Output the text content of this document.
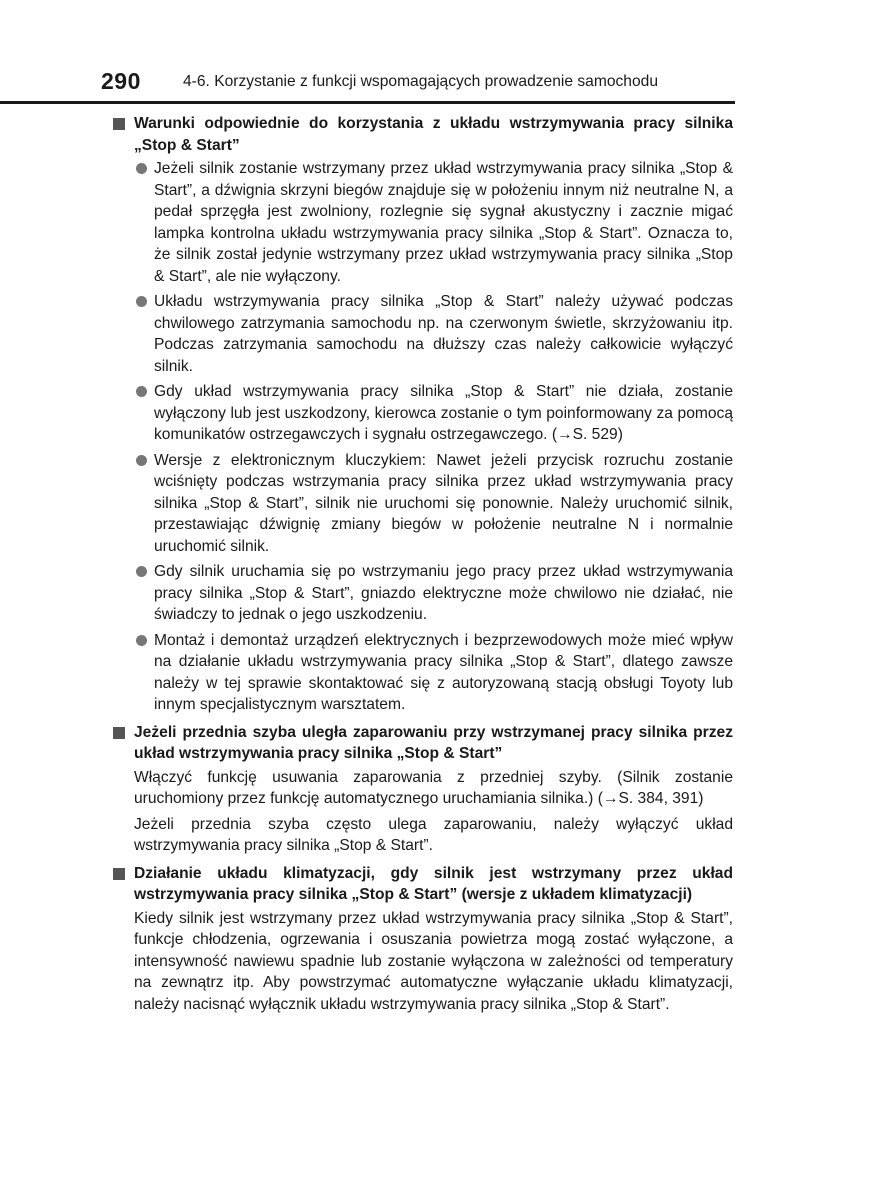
290	4-6. Korzystanie z funkcji wspomagających prowadzenie samochodu
Warunki odpowiednie do korzystania z układu wstrzymywania pracy silnika „Stop & Start”
Jeżeli silnik zostanie wstrzymany przez układ wstrzymywania pracy silnika „Stop & Start”, a dźwignia skrzyni biegów znajduje się w położeniu innym niż neutralne N, a pedał sprzęgła jest zwolniony, rozlegnie się sygnał akustyczny i zacznie migać lampka kontrolna układu wstrzymywania pracy silnika „Stop & Start”. Oznacza to, że silnik został jedynie wstrzymany przez układ wstrzymywania pracy silnika „Stop & Start”, ale nie wyłączony.
Układu wstrzymywania pracy silnika „Stop & Start” należy używać podczas chwilowego zatrzymania samochodu np. na czerwonym świetle, skrzyżowaniu itp. Podczas zatrzymania samochodu na dłuższy czas należy całkowicie wyłączyć silnik.
Gdy układ wstrzymywania pracy silnika „Stop & Start” nie działa, zostanie wyłączony lub jest uszkodzony, kierowca zostanie o tym poinformowany za pomocą komunikatów ostrzegawczych i sygnału ostrzegawczego. (→S. 529)
Wersje z elektronicznym kluczykiem: Nawet jeżeli przycisk rozruchu zostanie wciśnięty podczas wstrzymania pracy silnika przez układ wstrzymywania pracy silnika „Stop & Start”, silnik nie uruchomi się ponownie. Należy uruchomić silnik, przestawiając dźwignię zmiany biegów w położenie neutralne N i normalnie uruchomić silnik.
Gdy silnik uruchamia się po wstrzymaniu jego pracy przez układ wstrzymywania pracy silnika „Stop & Start”, gniazdo elektryczne może chwilowo nie działać, nie świadczy to jednak o jego uszkodzeniu.
Montaż i demontaż urządzeń elektrycznych i bezprzewodowych może mieć wpływ na działanie układu wstrzymywania pracy silnika „Stop & Start”, dlatego zawsze należy w tej sprawie skontaktować się z autoryzowaną stacją obsługi Toyoty lub innym specjalistycznym warsztatem.
Jeżeli przednia szyba uległa zaparowaniu przy wstrzymanej pracy silnika przez układ wstrzymywania pracy silnika „Stop & Start”

Włączyć funkcję usuwania zaparowania z przedniej szyby. (Silnik zostanie uruchomiony przez funkcję automatycznego uruchamiania silnika.) (→S. 384, 391)

Jeżeli przednia szyba często ulega zaparowaniu, należy wyłączyć układ wstrzymywania pracy silnika „Stop & Start”.

Działanie układu klimatyzacji, gdy silnik jest wstrzymany przez układ wstrzymywania pracy silnika „Stop & Start” (wersje z układem klimatyzacji)

Kiedy silnik jest wstrzymany przez układ wstrzymywania pracy silnika „Stop & Start”, funkcje chłodzenia, ogrzewania i osuszania powietrza mogą zostać wyłączone, a intensywność nawiewu spadnie lub zostanie wyłączona w zależności od temperatury na zewnątrz itp. Aby powstrzymać automatyczne wyłączanie układu klimatyzacji, należy nacisnąć wyłącznik układu wstrzymywania pracy silnika „Stop & Start”.
